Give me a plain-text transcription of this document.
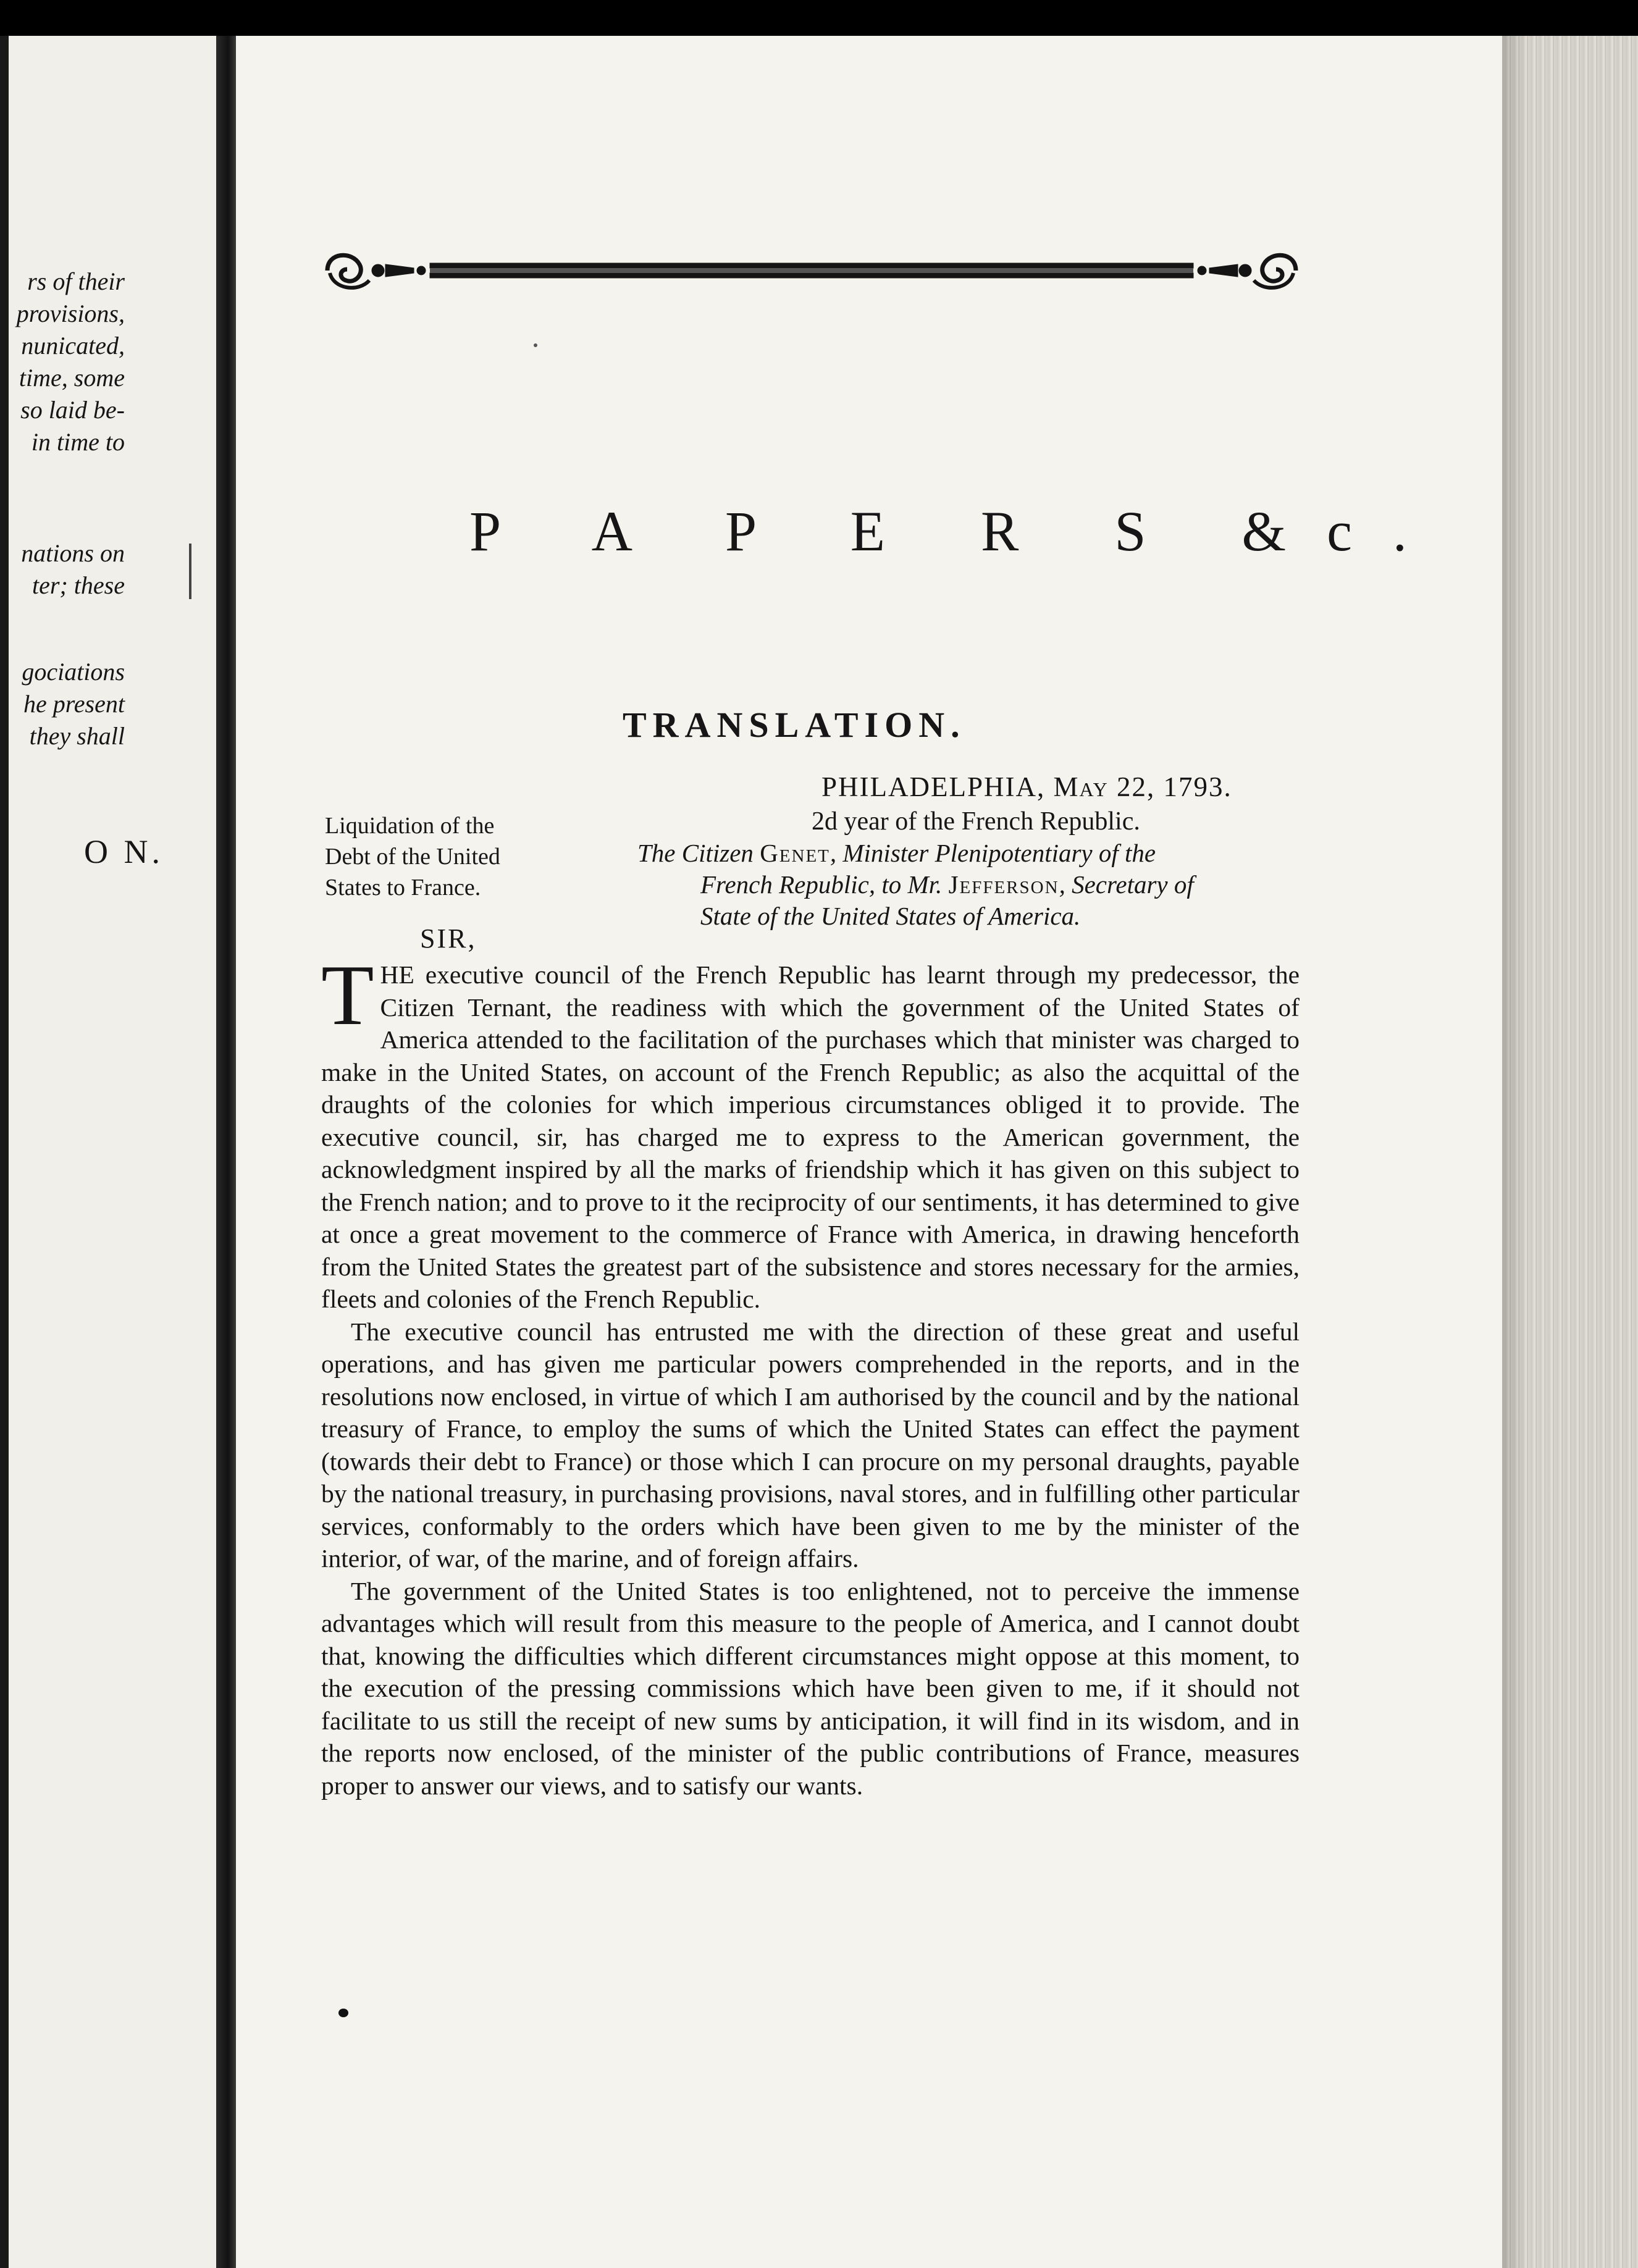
rs of their
provisions,
nunicated,
time, some
so laid be-
in time to
nations on
ter; these
gociations
he present
they shall
O N.
P A P E R S &c.
TRANSLATION.
PHILADELPHIA, May 22, 1793.
2d year of the French Republic.
The Citizen Genet, Minister Plenipotentiary of the
French Republic, to Mr. Jefferson, Secretary of
State of the United States of America.
Liquidation of the
Debt of the United
States to France.
SIR,

THE executive council of the French Republic has learnt through my predecessor, the Citizen Ternant, the readiness with which the government of the United States of America attended to the facilitation of the purchases which that minister was charged to make in the United States, on account of the French Republic; as also the acquittal of the draughts of the colonies for which imperious circumstances obliged it to provide. The executive council, sir, has charged me to express to the American government, the acknowledgment inspired by all the marks of friendship which it has given on this subject to the French nation; and to prove to it the reciprocity of our sentiments, it has determined to give at once a great movement to the commerce of France with America, in drawing henceforth from the United States the greatest part of the subsistence and stores necessary for the armies, fleets and colonies of the French Republic.

The executive council has entrusted me with the direction of these great and useful operations, and has given me particular powers comprehended in the reports, and in the resolutions now enclosed, in virtue of which I am authorised by the council and by the national treasury of France, to employ the sums of which the United States can effect the payment (towards their debt to France) or those which I can procure on my personal draughts, payable by the national treasury, in purchasing provisions, naval stores, and in fulfilling other particular services, conformably to the orders which have been given to me by the minister of the interior, of war, of the marine, and of foreign affairs.

The government of the United States is too enlightened, not to perceive the immense advantages which will result from this measure to the people of America, and I cannot doubt that, knowing the difficulties which different circumstances might oppose at this moment, to the execution of the pressing commissions which have been given to me, if it should not facilitate to us still the receipt of new sums by anticipation, it will find in its wisdom, and in the reports now enclosed, of the minister of the public contributions of France, measures proper to answer our views, and to satisfy our wants.
